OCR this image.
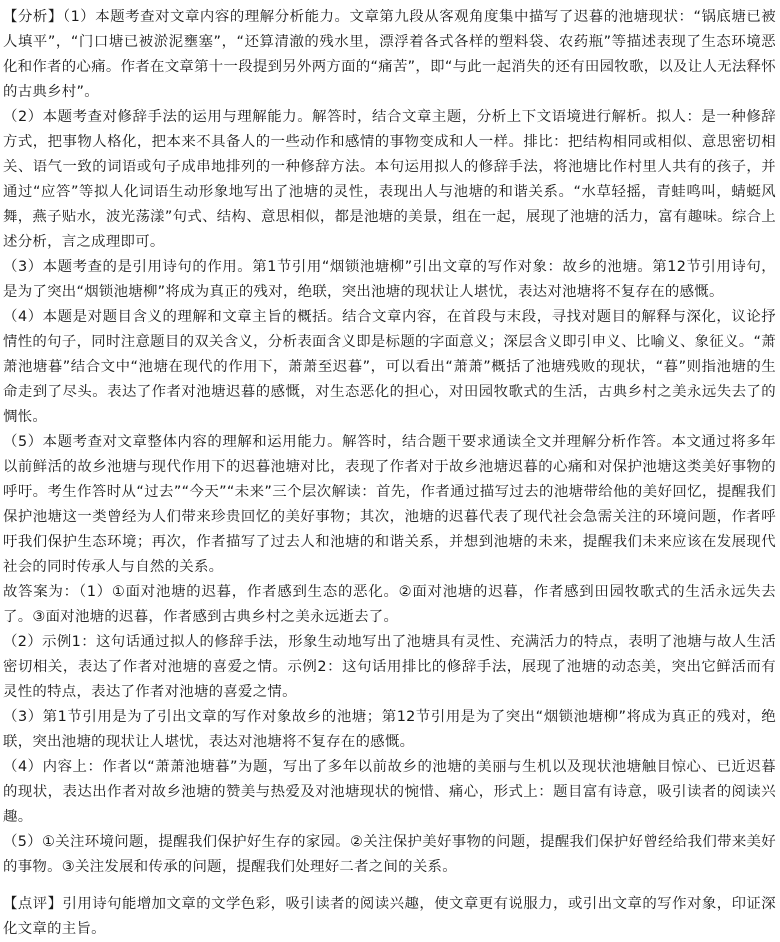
【分析】（1）本题考查对文章内容的理解分析能力。文章第九段从客观角度集中描写了迟暮的池塘现状：“锅底塘已被人填平”，“门口塘已被淤泥壅塞”，“还算清澈的残水里，漂浮着各式各样的塑料袋、农药瓶”等描述表现了生态环境恶化和作者的心痛。作者在文章第十一段提到另外两方面的“痛苦”，即“与此一起消失的还有田园牧歌，以及让人无法释怀的古典乡村”。

（2）本题考查对修辞手法的运用与理解能力。解答时，结合文章主题，分析上下文语境进行解析。拟人：是一种修辞方式，把事物人格化，把本来不具备人的一些动作和感情的事物变成和人一样。排比：把结构相同或相似、意思密切相关、语气一致的词语或句子成串地排列的一种修辞方法。本句运用拟人的修辞手法，将池塘比作村里人共有的孩子，并通过“应答”等拟人化词语生动形象地写出了池塘的灵性，表现出人与池塘的和谐关系。“水草轻摇，青蛙鸣叫，蜻蜓风舞，燕子贴水，波光荡漾”句式、结构、意思相似，都是池塘的美景，组在一起，展现了池塘的活力，富有趣味。综合上述分析，言之成理即可。

（3）本题考查的是引用诗句的作用。第1节引用“烟锁池塘柳”引出文章的写作对象：故乡的池塘。第12节引用诗句，是为了突出“烟锁池塘柳”将成为真正的残对，绝联，突出池塘的现状让人堪忧，表达对池塘将不复存在的感慨。

（4）本题是对题目含义的理解和文章主旨的概括。结合文章内容，在首段与末段，寻找对题目的解释与深化，议论抒情性的句子，同时注意题目的双关含义，分析表面含义即是标题的字面意义；深层含义即引申义、比喻义、象征义。“萧萧池塘暮”结合文中“池塘在现代的作用下，萧萧至迟暮”，可以看出“萧萧”概括了池塘残败的现状，“暮”则指池塘的生命走到了尽头。表达了作者对池塘迟暮的感慨，对生态恶化的担心，对田园牧歌式的生活，古典乡村之美永远失去了的惆怅。

（5）本题考查对文章整体内容的理解和运用能力。解答时，结合题干要求通读全文并理解分析作答。本文通过将多年以前鲜活的故乡池塘与现代作用下的迟暮池塘对比，表现了作者对于故乡池塘迟暮的心痛和对保护池塘这类美好事物的呼吁。考生作答时从“过去”“今天”“未来”三个层次解读：首先，作者通过描写过去的池塘带给他的美好回忆，提醒我们保护池塘这一类曾经为人们带来珍贵回忆的美好事物；其次，池塘的迟暮代表了现代社会急需关注的环境问题，作者呼吁我们保护生态环境；再次，作者描写了过去人和池塘的和谐关系，并想到池塘的未来，提醒我们未来应该在发展现代社会的同时传承人与自然的关系。

故答案为：（1）①面对池塘的迟暮，作者感到生态的恶化。②面对池塘的迟暮，作者感到田园牧歌式的生活永远失去了。③面对池塘的迟暮，作者感到古典乡村之美永远逝去了。

（2）示例1：这句话通过拟人的修辞手法，形象生动地写出了池塘具有灵性、充满活力的特点，表明了池塘与故人生活密切相关，表达了作者对池塘的喜爱之情。示例2：这句话用排比的修辞手法，展现了池塘的动态美，突出它鲜活而有灵性的特点，表达了作者对池塘的喜爱之情。

（3）第1节引用是为了引出文章的写作对象故乡的池塘；第12节引用是为了突出“烟锁池塘柳”将成为真正的残对，绝联，突出池塘的现状让人堪忧，表达对池塘将不复存在的感慨。

（4）内容上：作者以“萧萧池塘暮”为题，写出了多年以前故乡的池塘的美丽与生机以及现状池塘触目惊心、已近迟暮的现状，表达出作者对故乡池塘的赞美与热爱及对池塘现状的惋惜、痛心，形式上：题目富有诗意，吸引读者的阅读兴趣。

（5）①关注环境问题，提醒我们保护好生存的家园。②关注保护美好事物的问题，提醒我们保护好曾经给我们带来美好的事物。③关注发展和传承的问题，提醒我们处理好二者之间的关系。

【点评】引用诗句能增加文章的文学色彩，吸引读者的阅读兴趣，使文章更有说服力，或引出文章的写作对象，印证深化文章的主旨。
